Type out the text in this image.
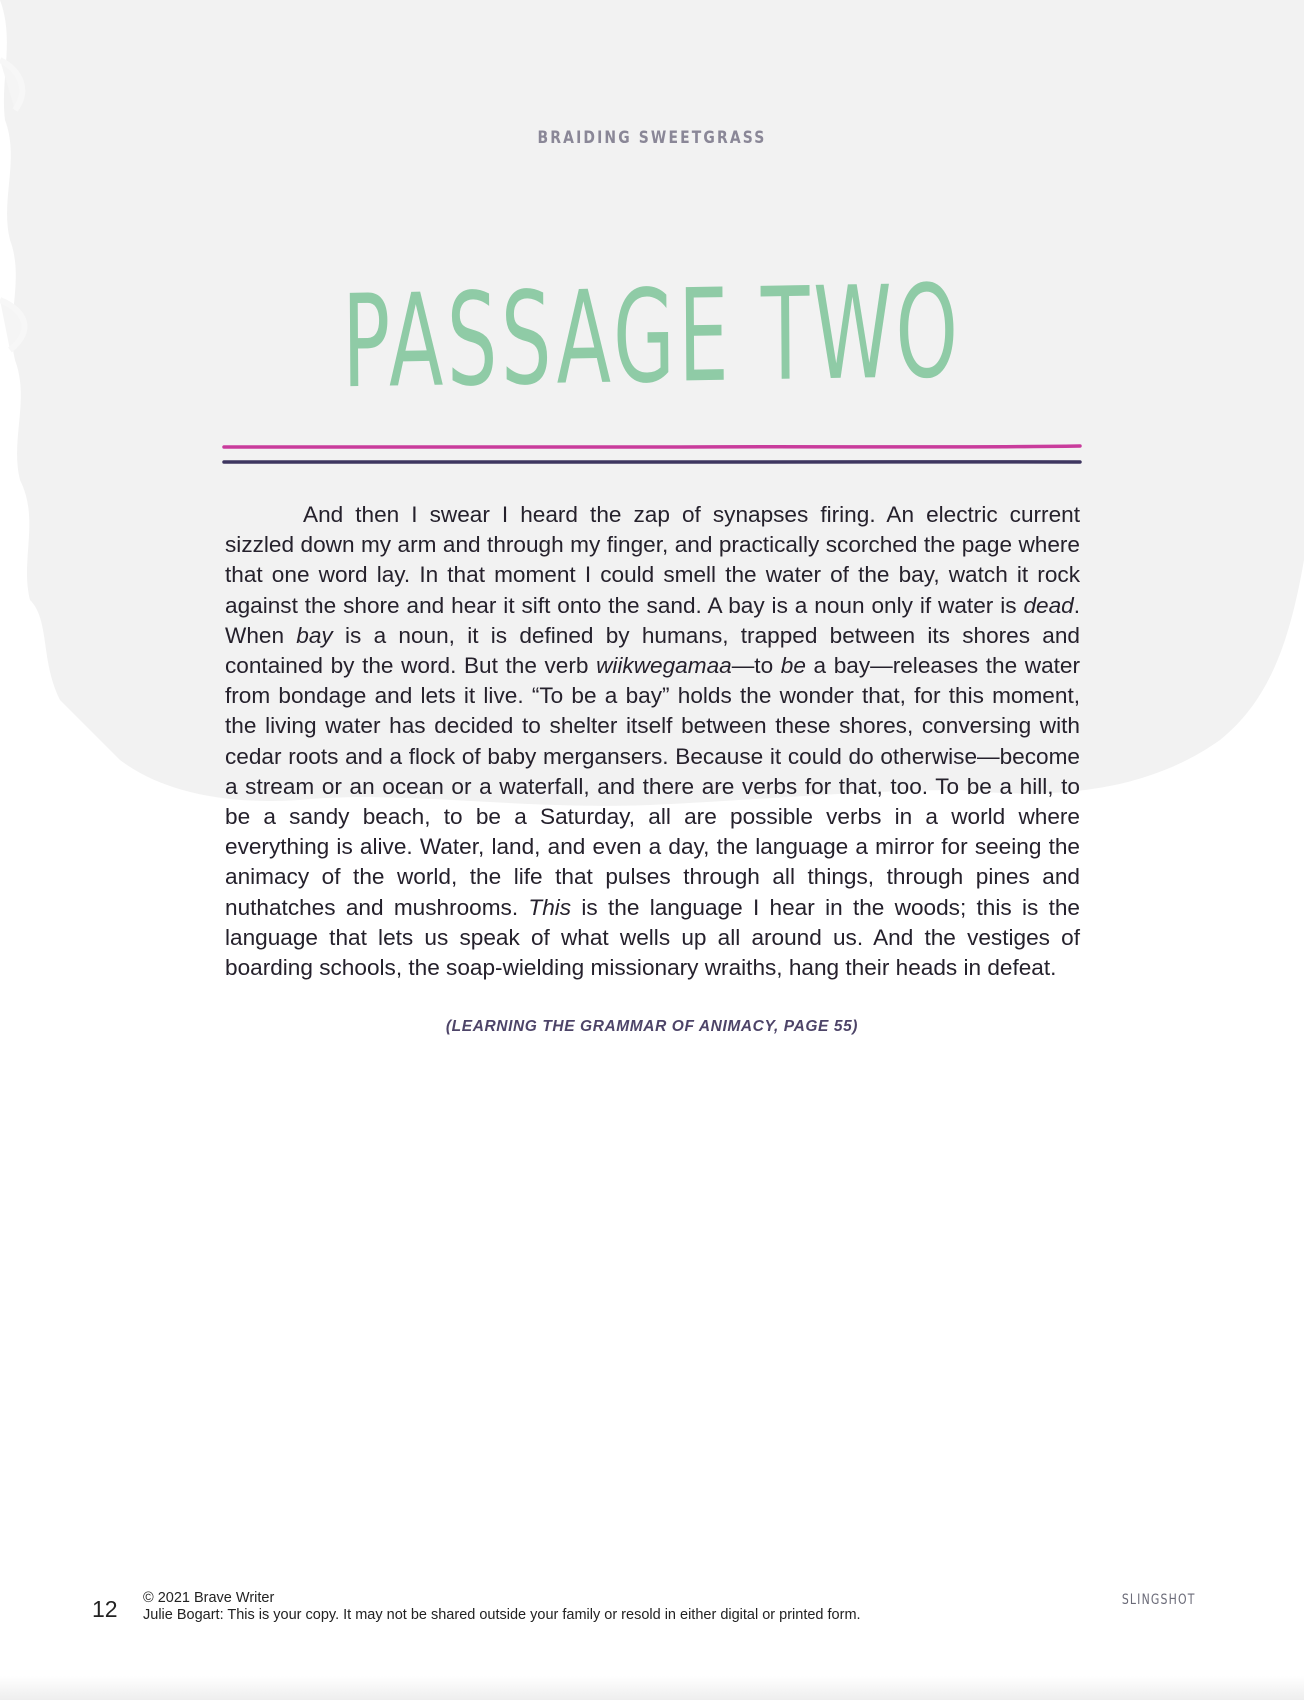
BRAIDING SWEETGRASS
PASSAGE TWO

And then I swear I heard the zap of synapses firing. An electric current sizzled down my arm and through my finger, and practically scorched the page where that one word lay. In that moment I could smell the water of the bay, watch it rock against the shore and hear it sift onto the sand. A bay is a noun only if water is dead. When bay is a noun, it is defined by humans, trapped between its shores and contained by the word. But the verb wiikwegamaa—to be a bay—releases the water from bondage and lets it live. “To be a bay” holds the wonder that, for this moment, the living water has decided to shelter itself between these shores, conversing with cedar roots and a flock of baby mergansers. Because it could do otherwise—become a stream or an ocean or a waterfall, and there are verbs for that, too. To be a hill, to be a sandy beach, to be a Saturday, all are possible verbs in a world where everything is alive. Water, land, and even a day, the language a mirror for seeing the animacy of the world, the life that pulses through all things, through pines and nuthatches and mushrooms. This is the language I hear in the woods; this is the language that lets us speak of what wells up all around us. And the vestiges of boarding schools, the soap-wielding missionary wraiths, hang their heads in defeat.

(LEARNING THE GRAMMAR OF ANIMACY, PAGE 55)
12 © 2021 Brave Writer
Julie Bogart: This is your copy. It may not be shared outside your family or resold in either digital or printed form.
SLINGSHOT
